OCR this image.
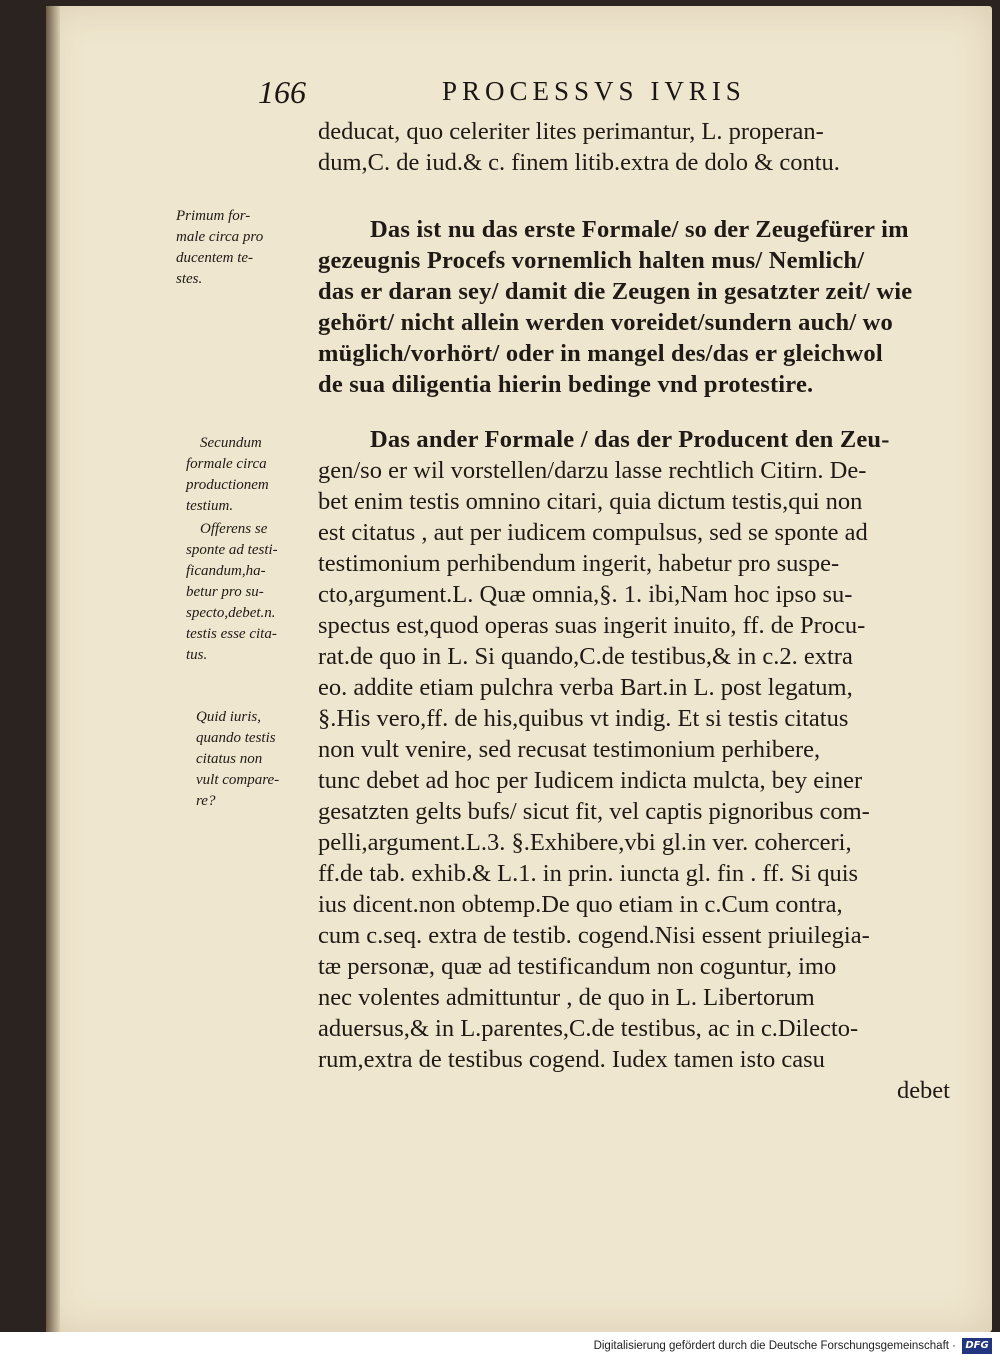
166	PROCESSVS IVRIS
Primum for-
male circa pro
ducentem te-
stes.
Secundum
formale circa
productionem
testium.
Offerens se
sponte ad testi-
ficandum,ha-
betur pro su-
specto,debet.n.
testis esse cita-
tus.
Quid iuris,
quando testis
citatus non
vult compare-
re?
deducat, quo celeriter lites perimantur, L. properan‐
dum,C. de iud.& c. finem litib.extra de dolo & contu.
Das ist nu das erste Formale/ so der Zeugefürer im
gezeugnis Procefs vornemlich halten mus/ Nemlich/
das er daran sey/ damit die Zeugen in gesatzter zeit/ wie
gehört/ nicht allein werden voreidet/sundern auch/ wo
müglich/vorhört/ oder in mangel des/das er gleichwol
de sua diligentia hierin bedinge vnd protestire.
Das ander Formale / das der Producent den Zeu‐
gen/so er wil vorstellen/darzu lasse rechtlich Citirn. De‐
bet enim testis omnino citari, quia dictum testis,qui non
est citatus , aut per iudicem compulsus, sed se sponte ad
testimonium perhibendum ingerit, habetur pro suspe‐
cto,argument.L. Quæ omnia,§. 1. ibi,Nam hoc ipso su‐
spectus est,quod operas suas ingerit inuito, ff. de Procu‐
rat.de quo in L. Si quando,C.de testibus,& in c.2. extra
eo. addite etiam pulchra verba Bart.in L. post legatum,
§.His vero,ff. de his,quibus vt indig. Et si testis citatus
non vult venire, sed recusat testimonium perhibere,
tunc debet ad hoc per Iudicem indicta mulcta, bey einer
gesatzten gelts bufs/ sicut fit, vel captis pignoribus com‐
pelli,argument.L.3. §.Exhibere,vbi gl.in ver. coherceri,
ff.de tab. exhib.& L.1. in prin. iuncta gl. fin . ff. Si quis
ius dicent.non obtemp.De quo etiam in c.Cum contra,
cum c.seq. extra de testib. cogend.Nisi essent priuilegia‐
tæ personæ, quæ ad testificandum non coguntur, imo
nec volentes admittuntur , de quo in L. Libertorum
aduersus,& in L.parentes,C.de testibus, ac in c.Dilecto‐
rum,extra de testibus cogend. Iudex tamen isto casu
debet
Digitalisierung gefördert durch die Deutsche Forschungsgemeinschaft · DFG
